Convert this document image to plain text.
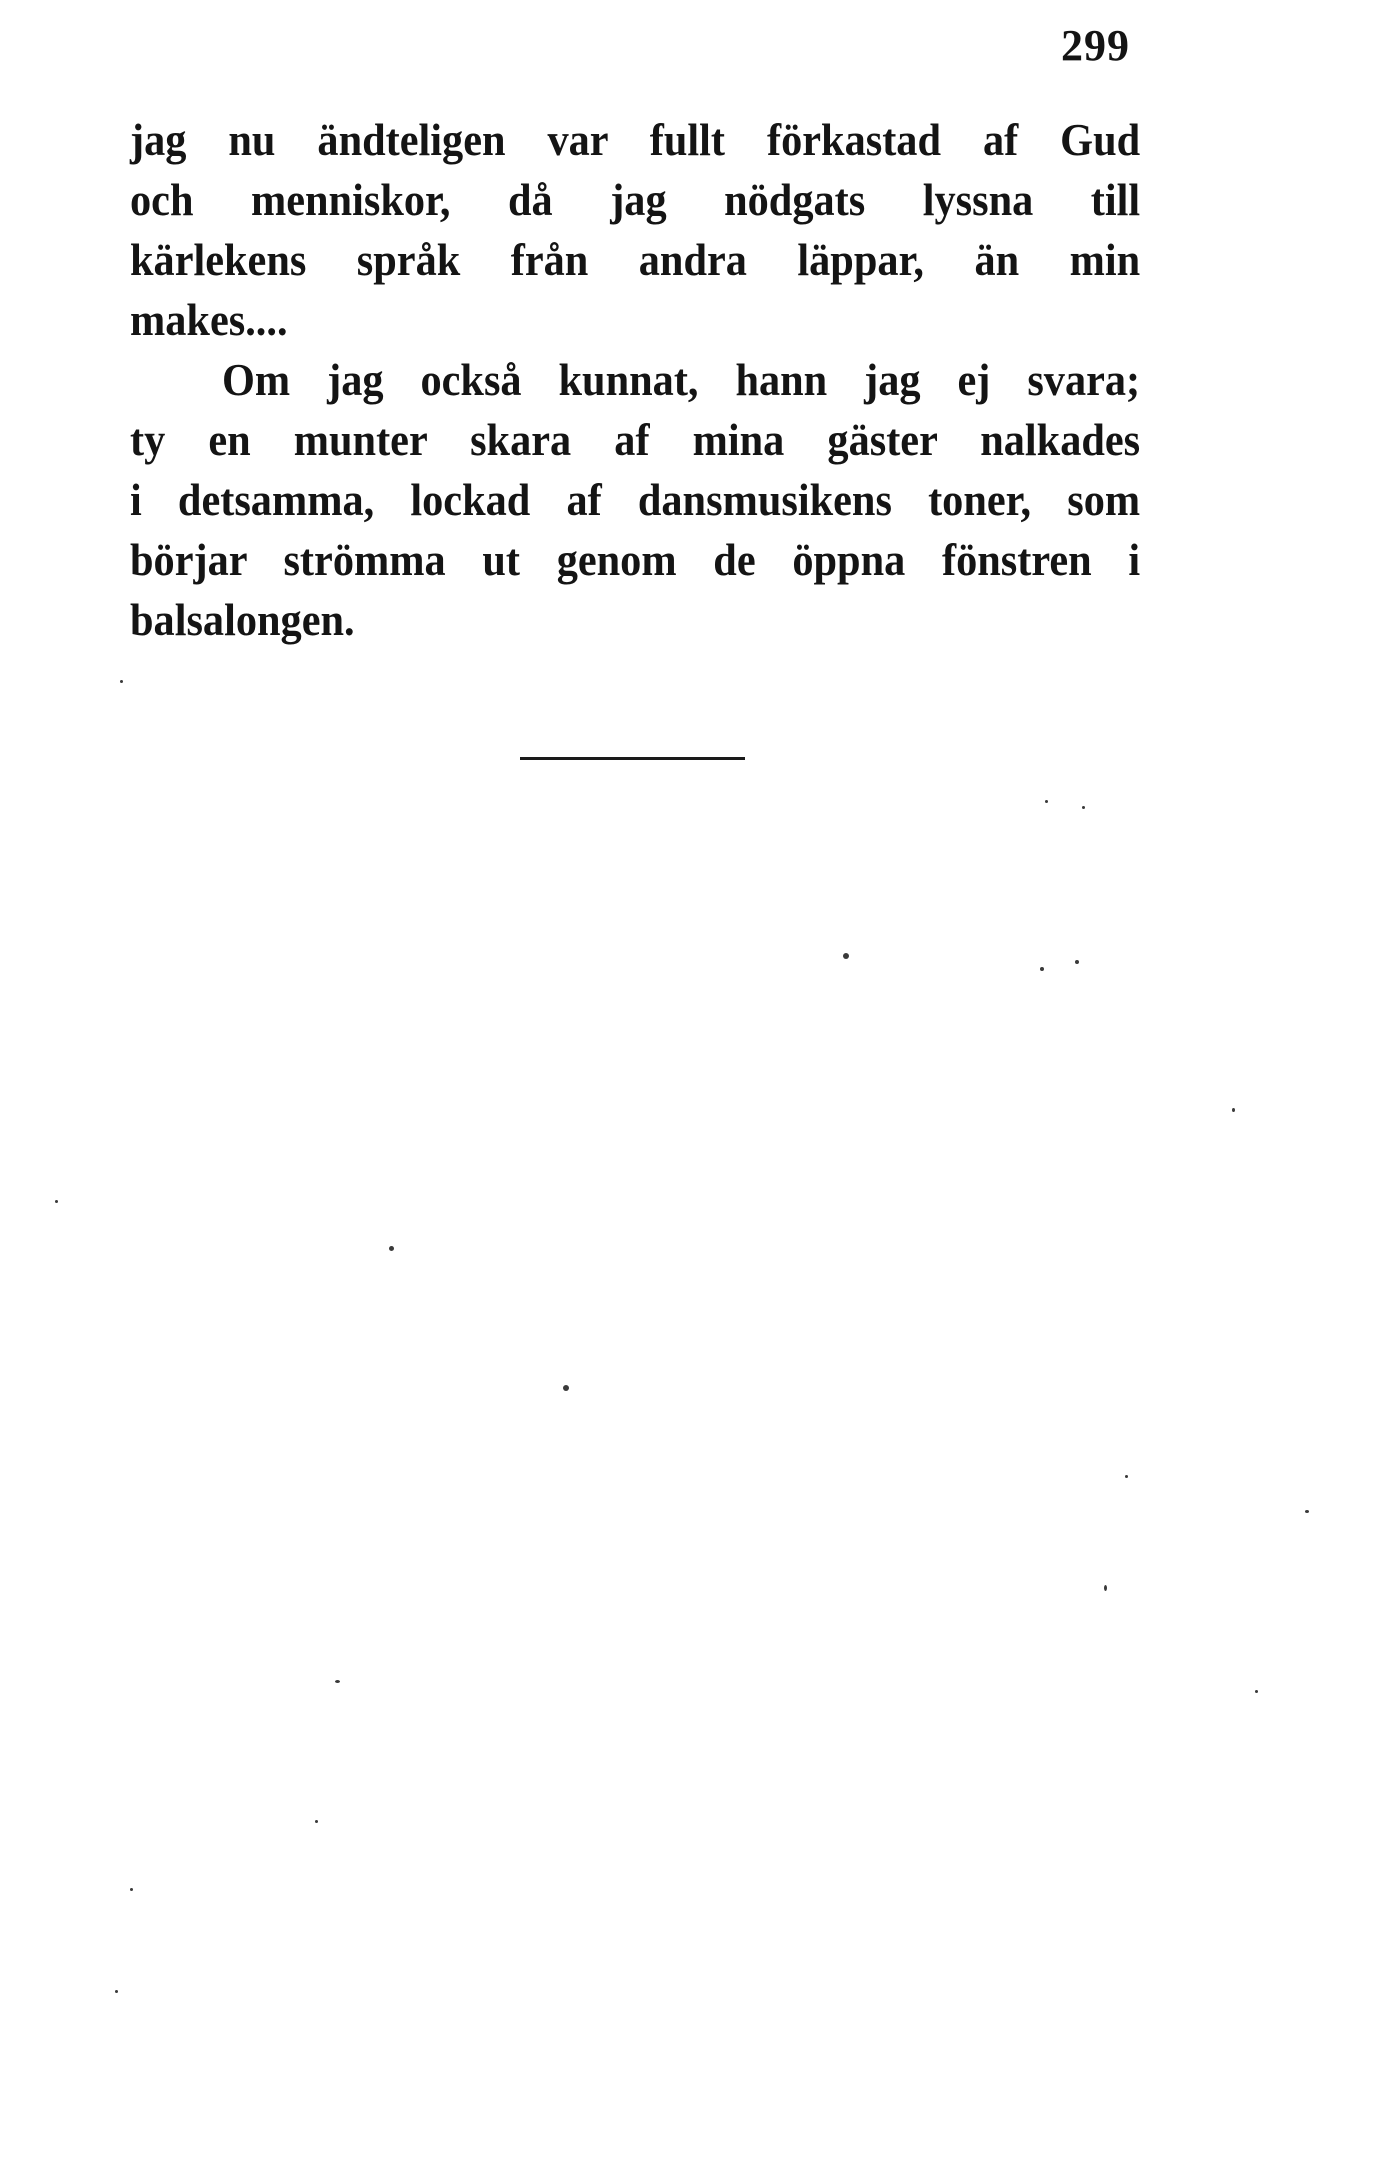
299

jag nu ändteligen var fullt förkastad af Gud
och menniskor, då jag nödgats lyssna till
kärlekens språk från andra läppar, än min
makes....

Om jag också kunnat, hann jag ej svara;
ty en munter skara af mina gäster nalkades
i detsamma, lockad af dansmusikens toner, som
börjar strömma ut genom de öppna fönstren i
balsalongen.
